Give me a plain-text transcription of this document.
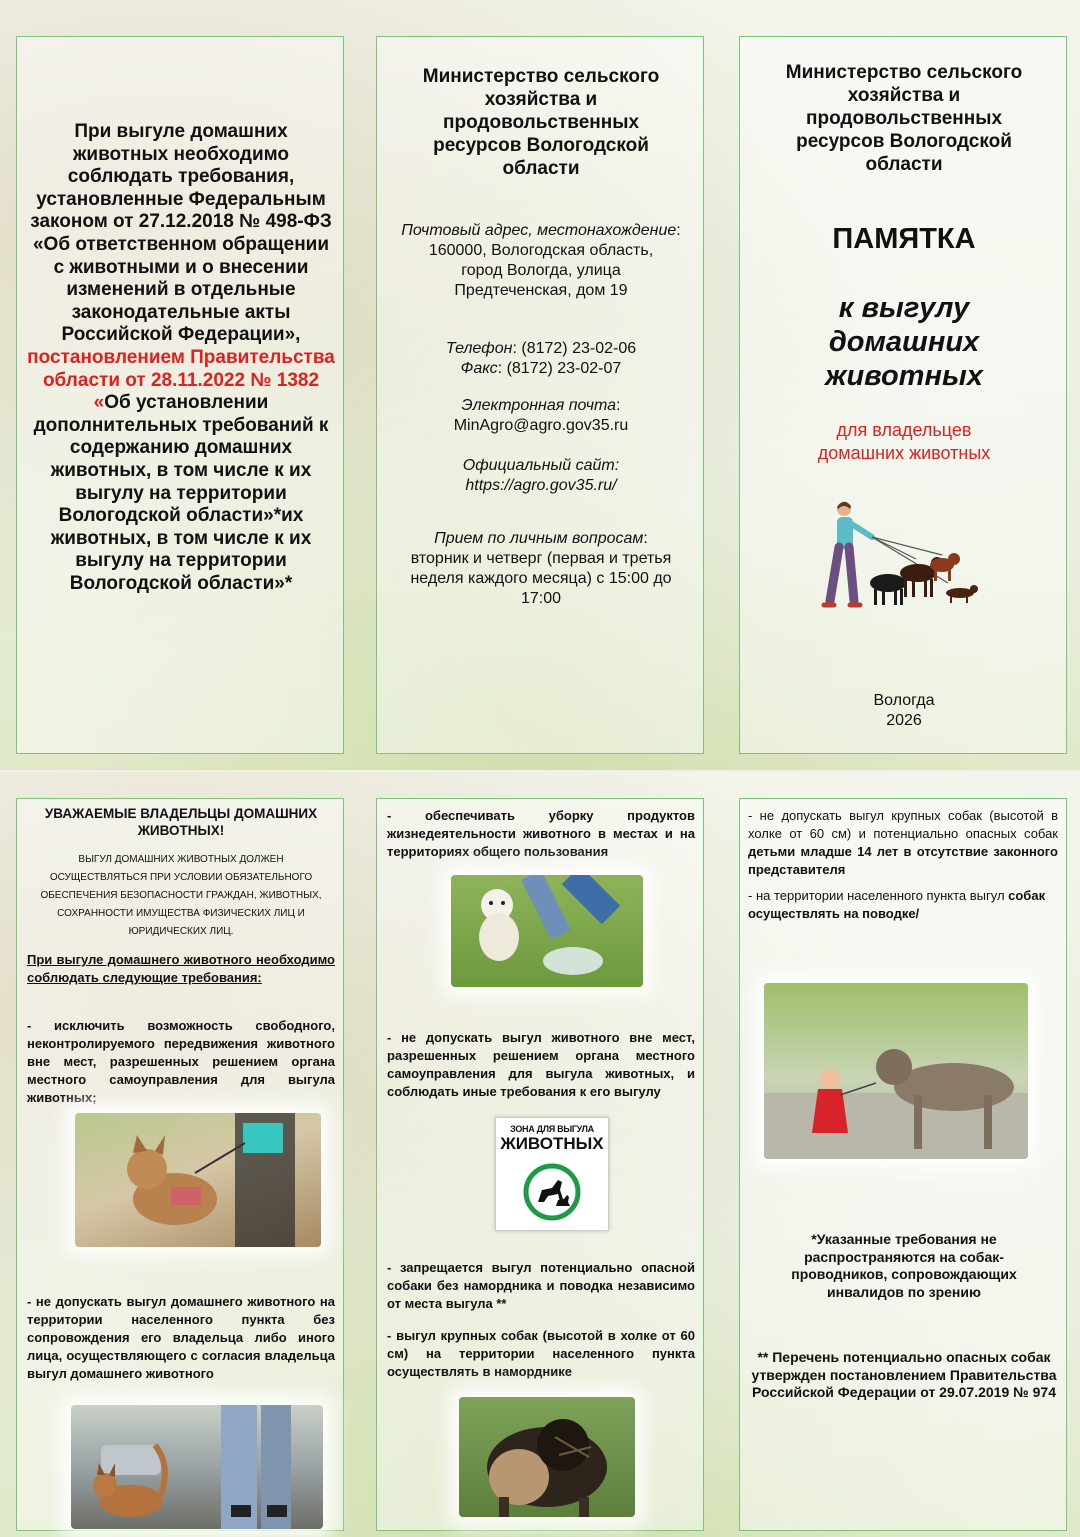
При выгуле домашних животных необходимо соблюдать требования, установленные Федеральным законом от 27.12.2018 № 498-ФЗ «Об ответственном обращении с животными и о внесении изменений в отдельные законодательные акты Российской Федерации», постановлением Правительства области от 28.11.2022 № 1382 «Об установлении дополнительных требований к содержанию домашних животных, в том числе к их выгулу на территории Вологодской области»*их животных, в том числе к их выгулу на территории Вологодской области»*
Министерство сельского хозяйства и продовольственных ресурсов Вологодской области
Почтовый адрес, местонахождение:
160000, Вологодская область, город Вологда, улица Предтеченская, дом 19
Телефон: (8172) 23-02-06
Факс: (8172) 23-02-07
Электронная почта:
MinAgro@agro.gov35.ru
Официальный сайт:
https://agro.gov35.ru/
Прием по личным вопросам:
вторник и четверг (первая и третья неделя каждого месяца) с 15:00 до 17:00
Министерство сельского хозяйства и продовольственных ресурсов Вологодской области
ПАМЯТКА
к выгулу домашних животных
для владельцев домашних животных
Вологда
2026
УВАЖАЕМЫЕ ВЛАДЕЛЬЦЫ ДОМАШНИХ ЖИВОТНЫХ!
ВЫГУЛ ДОМАШНИХ ЖИВОТНЫХ ДОЛЖЕН ОСУЩЕСТВЛЯТЬСЯ ПРИ УСЛОВИИ ОБЯЗАТЕЛЬНОГО ОБЕСПЕЧЕНИЯ БЕЗОПАСНОСТИ ГРАЖДАН, ЖИВОТНЫХ, СОХРАННОСТИ ИМУЩЕСТВА ФИЗИЧЕСКИХ ЛИЦ И ЮРИДИЧЕСКИХ ЛИЦ.
При выгуле домашнего животного необходимо соблюдать следующие требования:
- исключить возможность свободного, неконтролируемого передвижения животного вне мест, разрешенных решением органа местного самоуправления для выгула животных;
- не допускать выгул домашнего животного на территории населенного пункта без сопровождения его владельца либо иного лица, осуществляющего с согласия владельца выгул домашнего животного
- обеспечивать уборку продуктов жизнедеятельности животного в местах и на территориях общего пользования
- не допускать выгул животного вне мест, разрешенных решением органа местного самоуправления для выгула животных, и соблюдать иные требования к его выгулу
ЗОНА ДЛЯ ВЫГУЛА
ЖИВОТНЫХ
- запрещается выгул потенциально опасной собаки без намордника и поводка независимо от места выгула **
- выгул крупных собак (высотой в холке от 60 см) на территории населенного пункта осуществлять в наморднике
- не допускать выгул крупных собак (высотой в холке от 60 см) и потенциально опасных собак детьми младше 14 лет в отсутствие законного представителя
- на территории населенного пункта выгул собак осуществлять на поводке/
*Указанные требования не распространяются на собак-проводников, сопровождающих инвалидов по зрению
** Перечень потенциально опасных собак утвержден постановлением Правительства Российской Федерации от 29.07.2019 № 974
